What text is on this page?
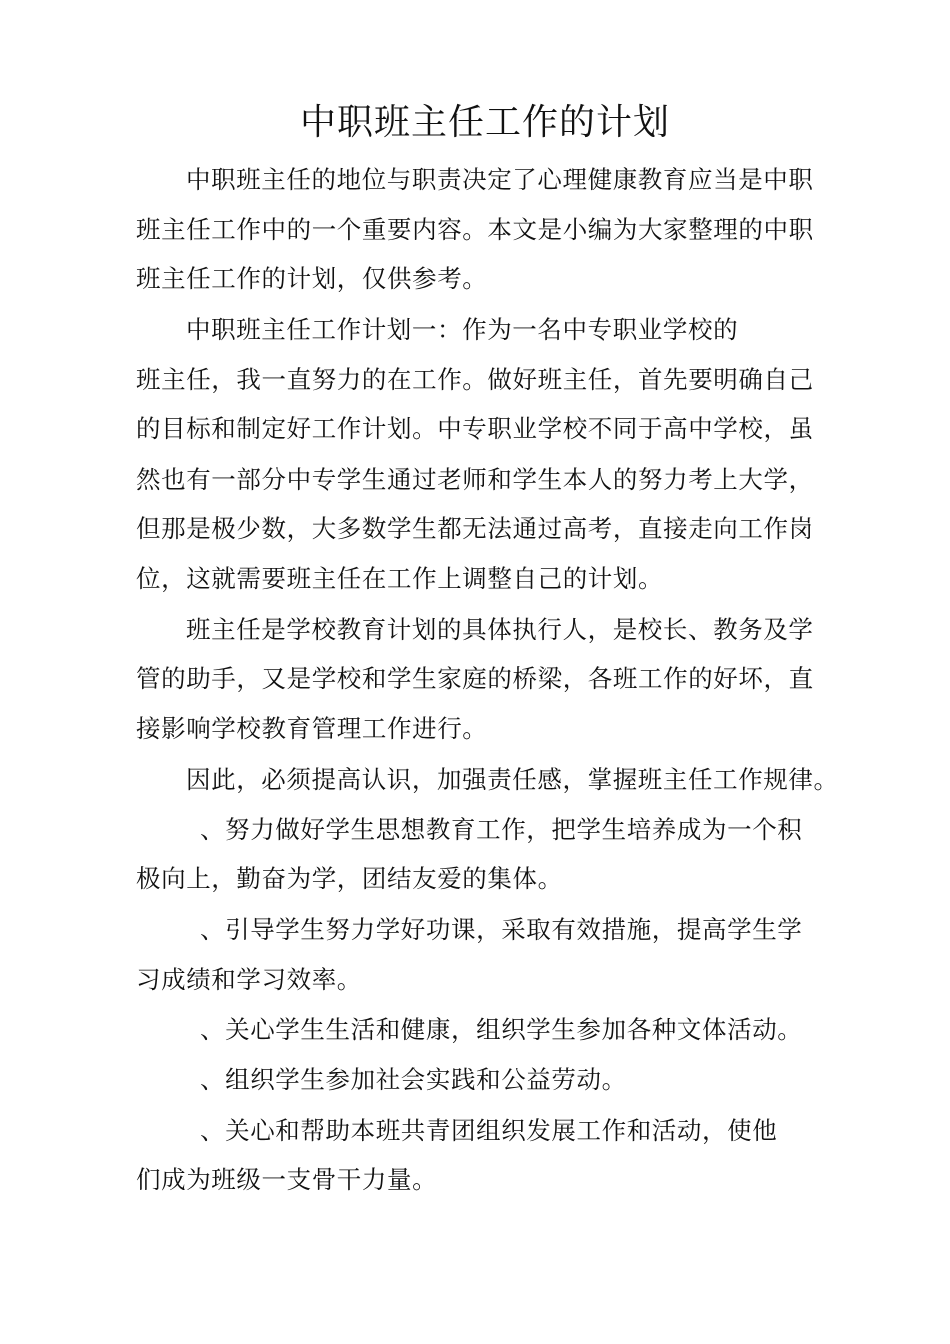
中职班主任工作的计划

中职班主任的地位与职责决定了心理健康教育应当是中职

班主任工作中的一个重要内容。本文是小编为大家整理的中职

班主任工作的计划，仅供参考。

中职班主任工作计划一：作为一名中专职业学校的

班主任，我一直努力的在工作。做好班主任，首先要明确自己

的目标和制定好工作计划。中专职业学校不同于高中学校，虽

然也有一部分中专学生通过老师和学生本人的努力考上大学，

但那是极少数，大多数学生都无法通过高考，直接走向工作岗

位，这就需要班主任在工作上调整自己的计划。

班主任是学校教育计划的具体执行人，是校长、教务及学

管的助手，又是学校和学生家庭的桥梁，各班工作的好坏，直

接影响学校教育管理工作进行。

因此，必须提高认识，加强责任感，掌握班主任工作规律。

、努力做好学生思想教育工作，把学生培养成为一个积

极向上，勤奋为学，团结友爱的集体。

、引导学生努力学好功课，采取有效措施，提高学生学

习成绩和学习效率。

、关心学生生活和健康，组织学生参加各种文体活动。

、组织学生参加社会实践和公益劳动。

、关心和帮助本班共青团组织发展工作和活动，使他

们成为班级一支骨干力量。
